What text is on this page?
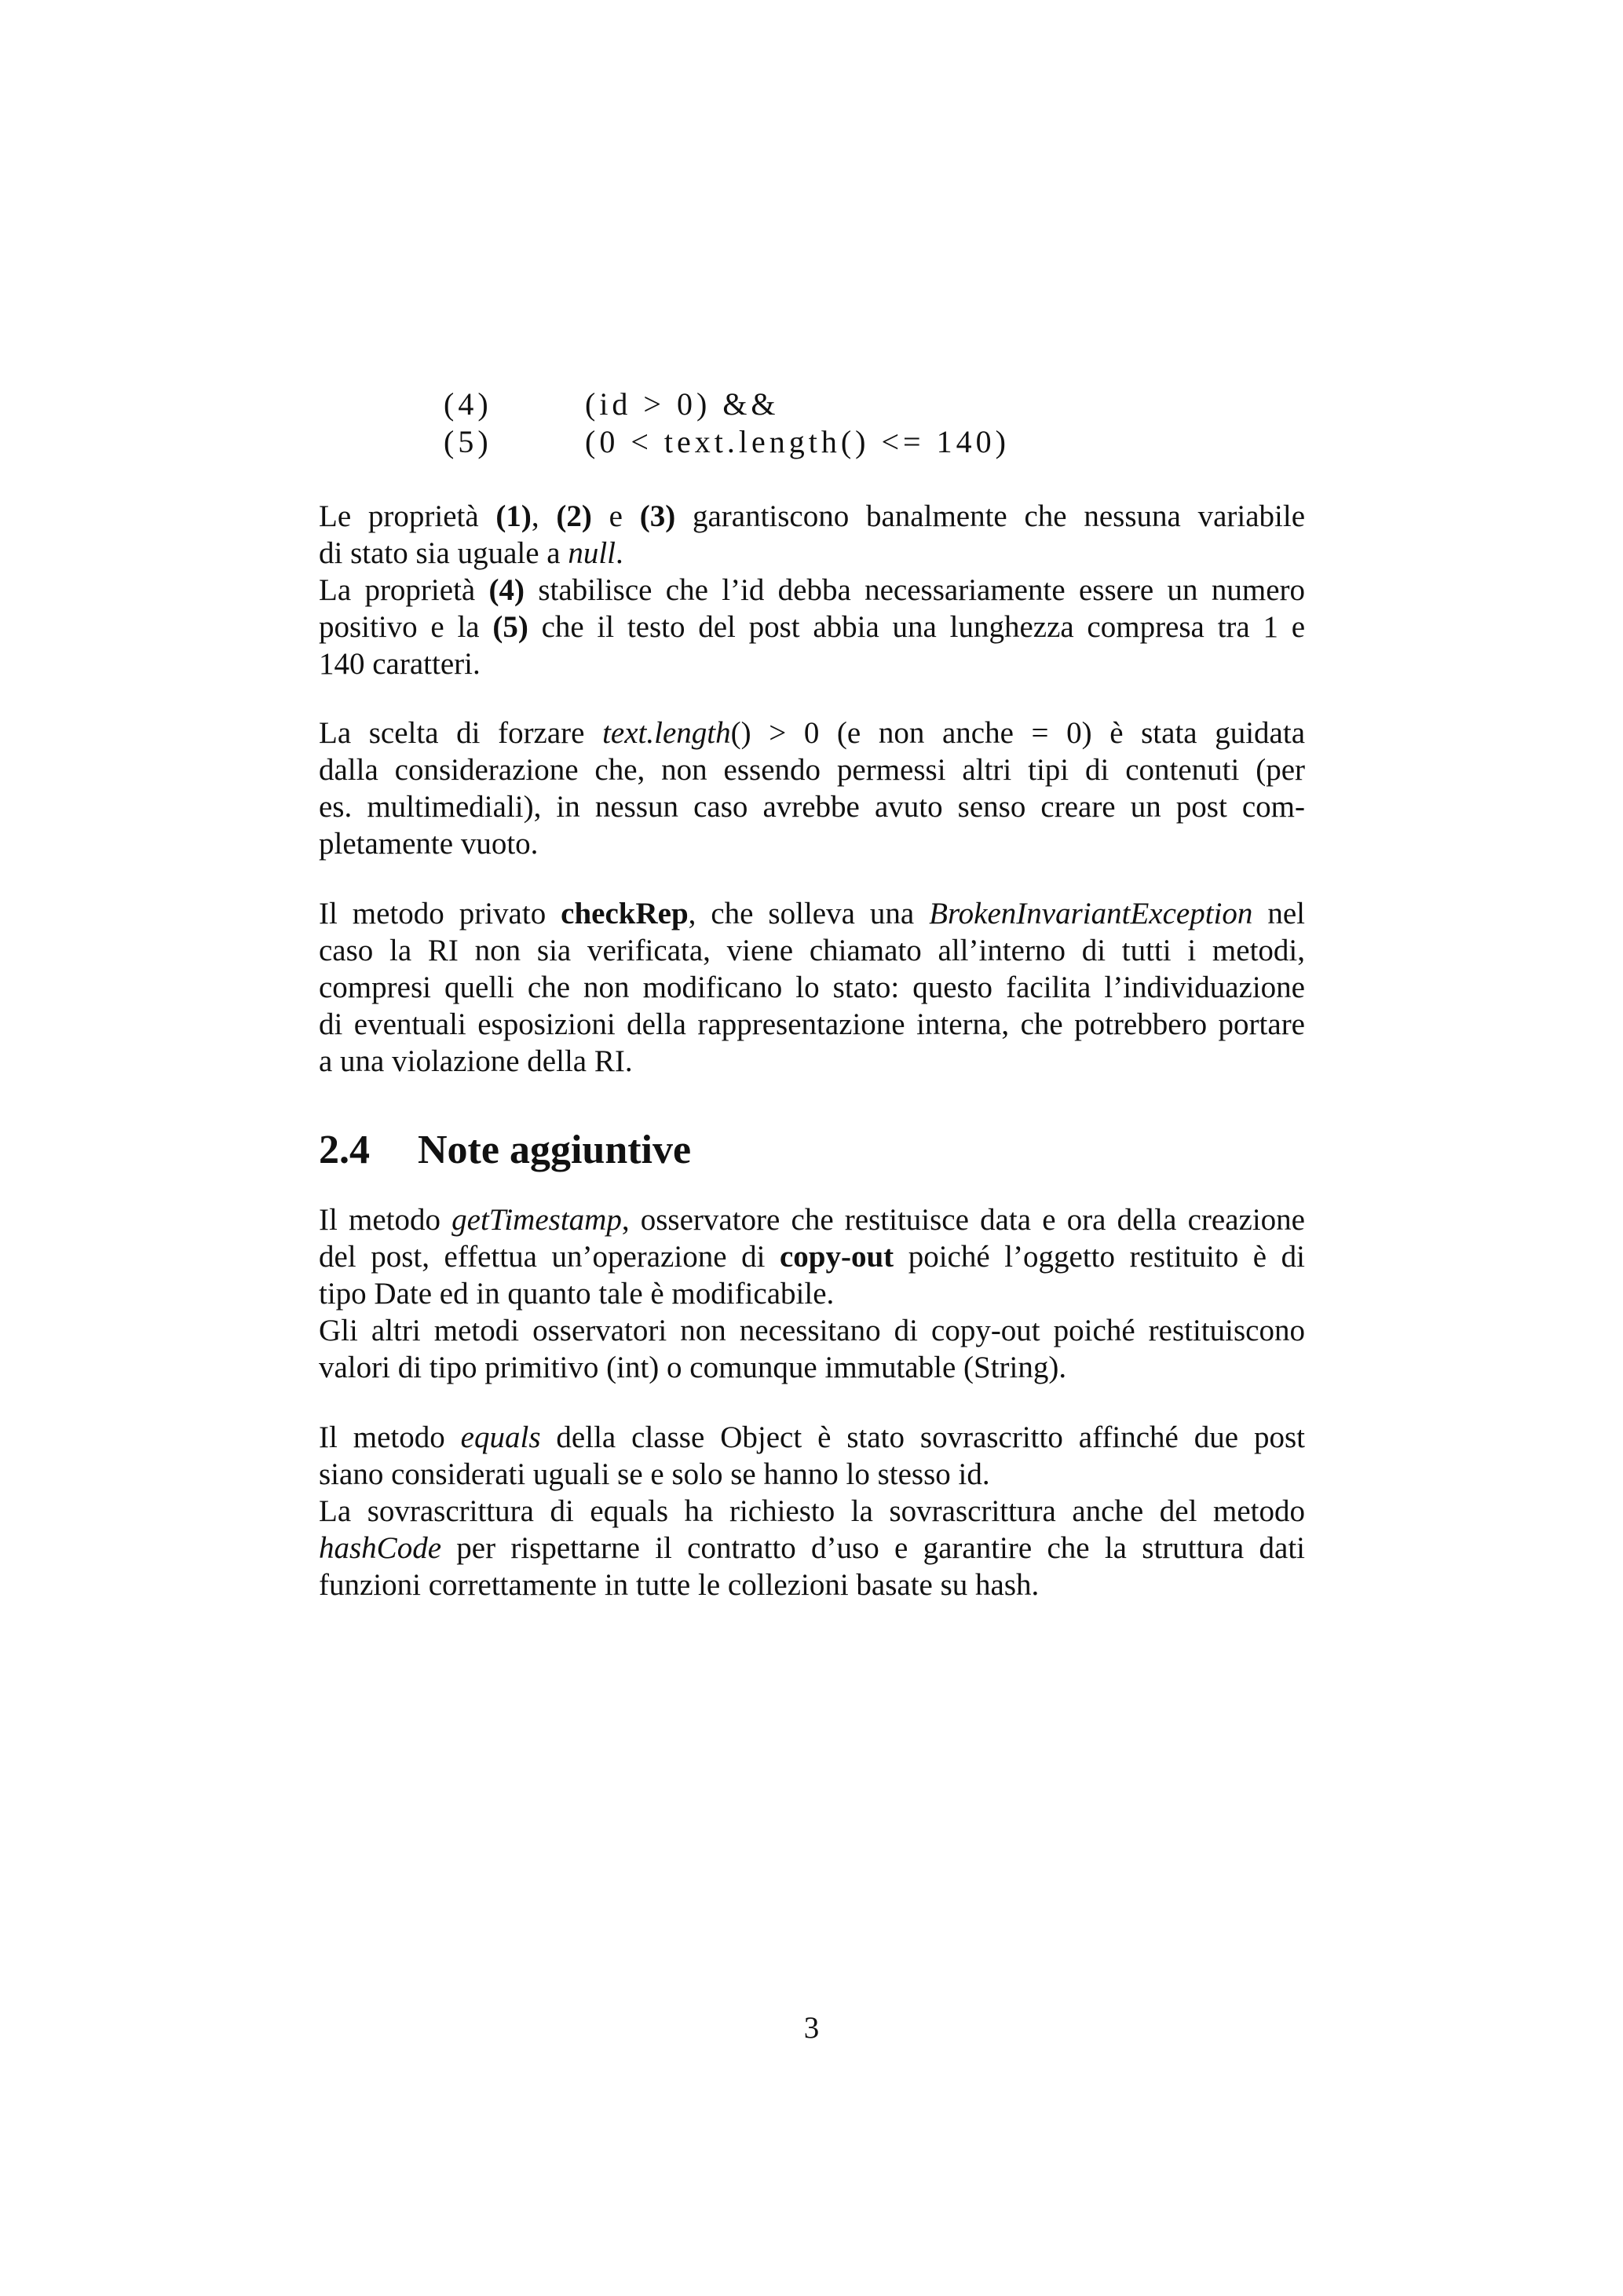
(4)	(id > 0) &&

(5)	(0 < text.length() <= 140)

Le proprietà (1), (2) e (3) garantiscono banalmente che nessuna variabile
di stato sia uguale a null.
La proprietà (4) stabilisce che l’id debba necessariamente essere un numero
positivo e la (5) che il testo del post abbia una lunghezza compresa tra 1 e
140 caratteri.
La scelta di forzare text.length() > 0 (e non anche = 0) è stata guidata
dalla considerazione che, non essendo permessi altri tipi di contenuti (per
es. multimediali), in nessun caso avrebbe avuto senso creare un post com-
pletamente vuoto.
Il metodo privato checkRep, che solleva una BrokenInvariantException nel
caso la RI non sia verificata, viene chiamato all’interno di tutti i metodi,
compresi quelli che non modificano lo stato: questo facilita l’individuazione
di eventuali esposizioni della rappresentazione interna, che potrebbero portare
a una violazione della RI.
2.4 Note aggiuntive
Il metodo getTimestamp, osservatore che restituisce data e ora della creazione
del post, effettua un’operazione di copy-out poiché l’oggetto restituito è di
tipo Date ed in quanto tale è modificabile.
Gli altri metodi osservatori non necessitano di copy-out poiché restituiscono
valori di tipo primitivo (int) o comunque immutable (String).
Il metodo equals della classe Object è stato sovrascritto affinché due post
siano considerati uguali se e solo se hanno lo stesso id.
La sovrascrittura di equals ha richiesto la sovrascrittura anche del metodo
hashCode per rispettarne il contratto d’uso e garantire che la struttura dati
funzioni correttamente in tutte le collezioni basate su hash.
3
